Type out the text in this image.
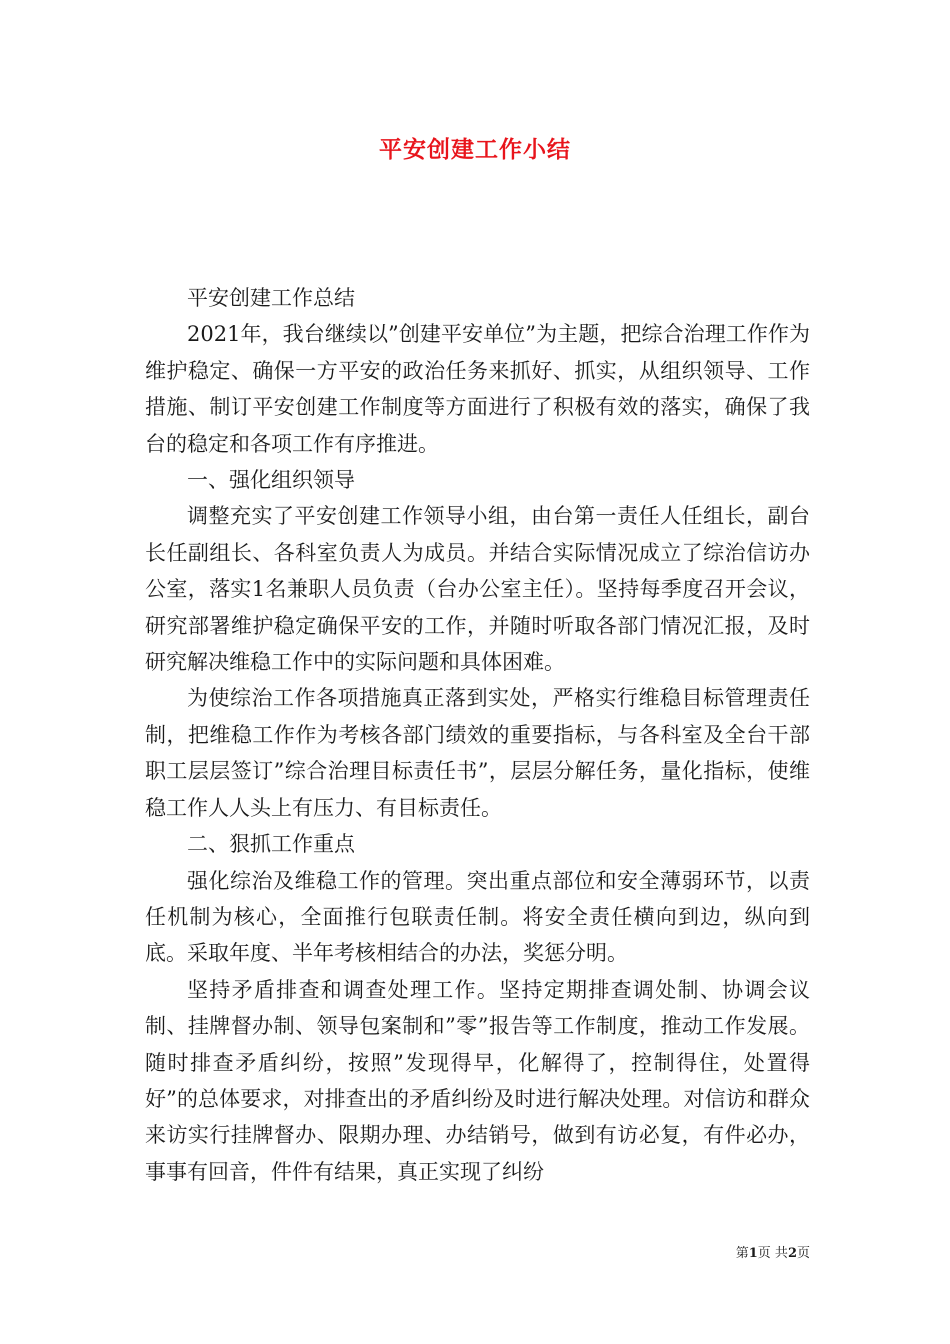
平安创建工作小结

平安创建工作总结

2021年，我台继续以”创建平安单位”为主题，把综合治理工作作为维护稳定、确保一方平安的政治任务来抓好、抓实，从组织领导、工作措施、制订平安创建工作制度等方面进行了积极有效的落实，确保了我台的稳定和各项工作有序推进。

一、强化组织领导

调整充实了平安创建工作领导小组，由台第一责任人任组长，副台长任副组长、各科室负责人为成员。并结合实际情况成立了综治信访办公室，落实1名兼职人员负责（台办公室主任）。坚持每季度召开会议，研究部署维护稳定确保平安的工作，并随时听取各部门情况汇报，及时研究解决维稳工作中的实际问题和具体困难。

为使综治工作各项措施真正落到实处，严格实行维稳目标管理责任制，把维稳工作作为考核各部门绩效的重要指标，与各科室及全台干部职工层层签订”综合治理目标责任书”，层层分解任务，量化指标，使维稳工作人人头上有压力、有目标责任。

二、狠抓工作重点

强化综治及维稳工作的管理。突出重点部位和安全薄弱环节，以责任机制为核心，全面推行包联责任制。将安全责任横向到边，纵向到底。采取年度、半年考核相结合的办法，奖惩分明。

坚持矛盾排查和调查处理工作。坚持定期排查调处制、协调会议制、挂牌督办制、领导包案制和”零”报告等工作制度，推动工作发展。随时排查矛盾纠纷，按照”发现得早，化解得了，控制得住，处置得好”的总体要求，对排查出的矛盾纠纷及时进行解决处理。对信访和群众来访实行挂牌督办、限期办理、办结销号，做到有访必复，有件必办，事事有回音，件件有结果，真正实现了纠纷

第1页 共2页
